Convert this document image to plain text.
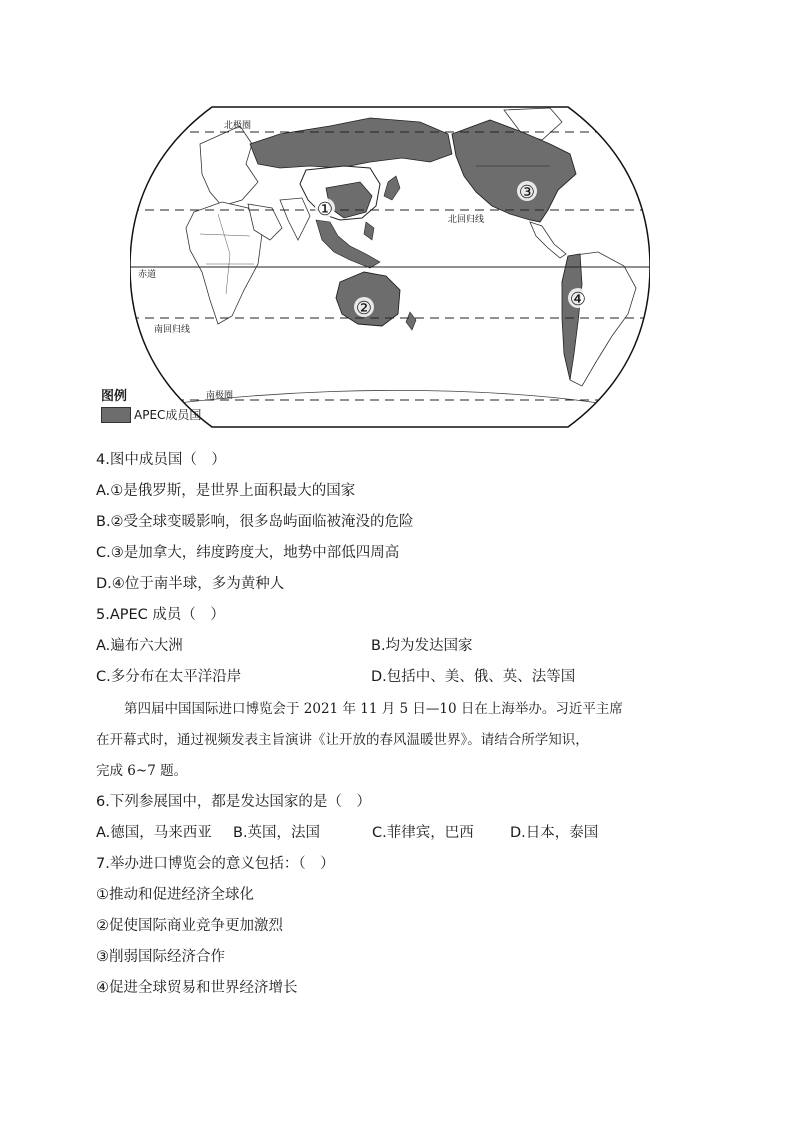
北极圈
北回归线
赤道
南回归线
南极圈
①
②
③
④
图例
APEC成员国
4.图中成员国（　）
A.①是俄罗斯，是世界上面积最大的国家
B.②受全球变暖影响，很多岛屿面临被淹没的危险
C.③是加拿大，纬度跨度大，地势中部低四周高
D.④位于南半球，多为黄种人
5.APEC 成员（　）
A.遍布六大洲	B.均为发达国家
C.多分布在太平洋沿岸	D.包括中、美、俄、英、法等国

第四届中国国际进口博览会于 2021 年 11 月 5 日—10 日在上海举办。习近平主席

在开幕式时，通过视频发表主旨演讲《让开放的春风温暖世界》。请结合所学知识，

完成 6~7 题。

6.下列参展国中，都是发达国家的是（　）
A.德国，马来西亚 B.英国，法国	C.菲律宾，巴西	D.日本，泰国
7.举办进口博览会的意义包括：（　）
①推动和促进经济全球化
②促使国际商业竞争更加激烈
③削弱国际经济合作
④促进全球贸易和世界经济增长
